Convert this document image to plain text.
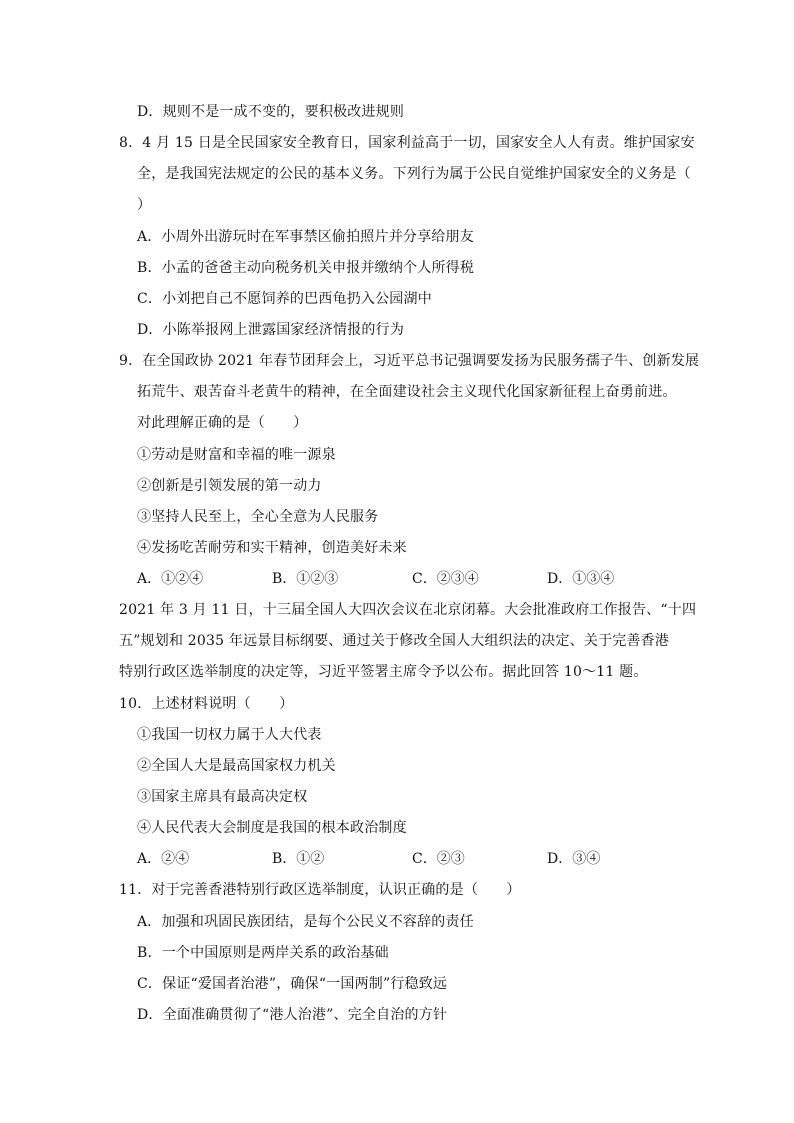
D．规则不是一成不变的，要积极改进规则
8．4 月 15 日是全民国家安全教育日，国家利益高于一切，国家安全人人有责。维护国家安
全，是我国宪法规定的公民的基本义务。下列行为属于公民自觉维护国家安全的义务是（
）
A．小周外出游玩时在军事禁区偷拍照片并分享给朋友
B．小孟的爸爸主动向税务机关申报并缴纳个人所得税
C．小刘把自己不愿饲养的巴西龟扔入公园湖中
D．小陈举报网上泄露国家经济情报的行为
9．在全国政协 2021 年春节团拜会上，习近平总书记强调要发扬为民服务孺子牛、创新发展
拓荒牛、艰苦奋斗老黄牛的精神，在全面建设社会主义现代化国家新征程上奋勇前进。
对此理解正确的是（　　）
①劳动是财富和幸福的唯一源泉
②创新是引领发展的第一动力
③坚持人民至上，全心全意为人民服务
④发扬吃苦耐劳和实干精神，创造美好未来
A．①②④	B．①②③	C．②③④	D．①③④
2021 年 3 月 11 日，十三届全国人大四次会议在北京闭幕。大会批准政府工作报告、“十四
五”规划和 2035 年远景目标纲要、通过关于修改全国人大组织法的决定、关于完善香港
特别行政区选举制度的决定等，习近平签署主席令予以公布。据此回答 10～11 题。
10．上述材料说明（　　）
①我国一切权力属于人大代表
②全国人大是最高国家权力机关
③国家主席具有最高决定权
④人民代表大会制度是我国的根本政治制度
A．②④	B．①②	C．②③	D．③④
11．对于完善香港特别行政区选举制度，认识正确的是（　　）
A．加强和巩固民族团结，是每个公民义不容辞的责任
B．一个中国原则是两岸关系的政治基础
C．保证“爱国者治港”，确保“一国两制”行稳致远
D．全面准确贯彻了“港人治港”、完全自治的方针
